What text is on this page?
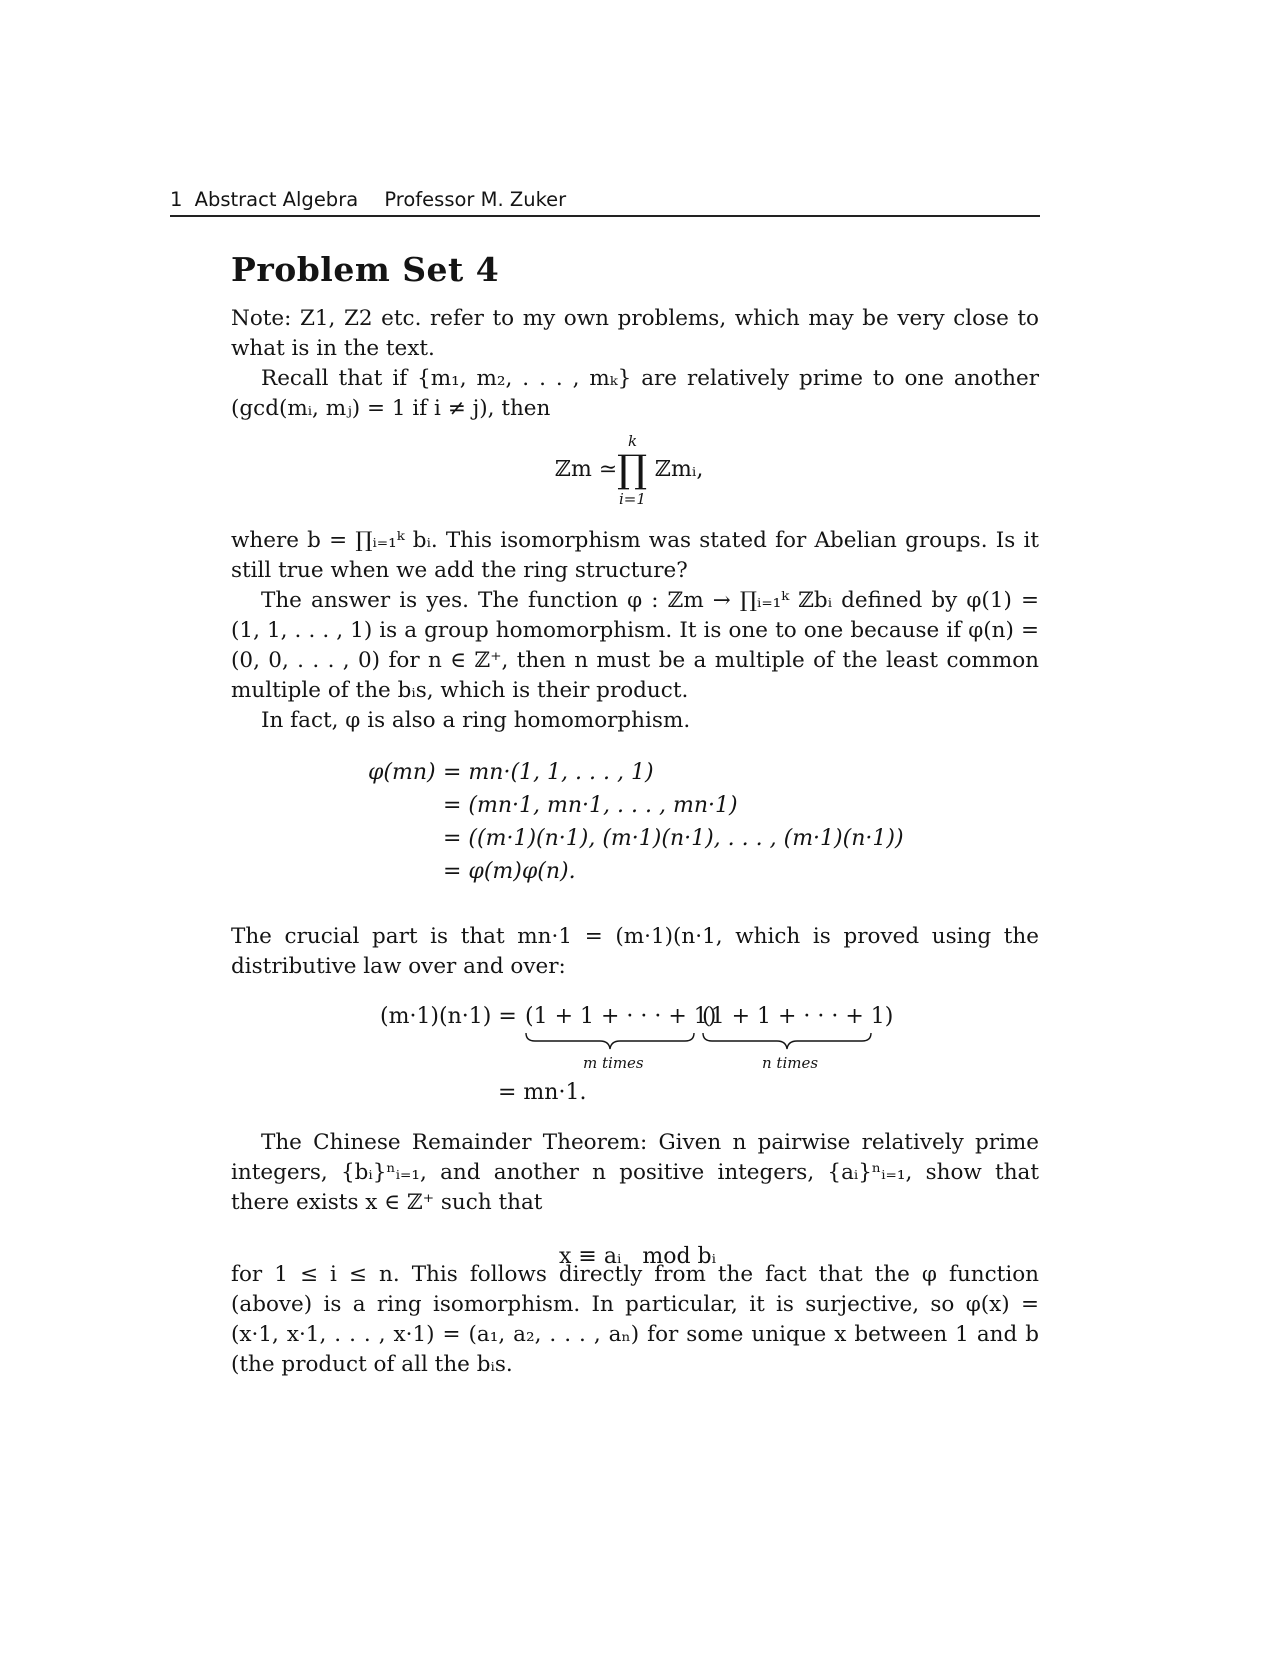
1 Abstract Algebra Professor M. Zuker
Problem Set 4

Note: Z1, Z2 etc. refer to my own problems, which may be very close to what is in the text.

Recall that if {m₁, m₂, . . . , mₖ} are relatively prime to one another (gcd(mᵢ, mⱼ) = 1 if i ≠ j), then

k
ℤm ≃ ∏ ℤmᵢ,
i=1

where b = ∏ᵢ₌₁ᵏ bᵢ. This isomorphism was stated for Abelian groups. Is it still true when we add the ring structure?

The answer is yes. The function φ : ℤm → ∏ᵢ₌₁ᵏ ℤbᵢ defined by φ(1) = (1, 1, . . . , 1) is a group homomorphism. It is one to one because if φ(n) = (0, 0, . . . , 0) for n ∈ ℤ⁺, then n must be a multiple of the least common multiple of the bᵢs, which is their product.

In fact, φ is also a ring homomorphism.

φ(mn) = mn·(1, 1, . . . , 1)
= (mn·1, mn·1, . . . , mn·1)
= ((m·1)(n·1), (m·1)(n·1), . . . , (m·1)(n·1))
= φ(m)φ(n).

The crucial part is that mn·1 = (m·1)(n·1, which is proved using the distributive law over and over:

(m·1)(n·1) = (1 + 1 + · · · + 1)
(1 + 1 + · · · + 1)
m times	n times
= mn·1.

The Chinese Remainder Theorem: Given n pairwise relatively prime integers, {bᵢ}ⁿᵢ₌₁, and another n positive integers, {aᵢ}ⁿᵢ₌₁, show that there exists x ∈ ℤ⁺ such that

x ≡ aᵢ   mod bᵢ

for 1 ≤ i ≤ n. This follows directly from the fact that the φ function (above) is a ring isomorphism. In particular, it is surjective, so φ(x) = (x·1, x·1, . . . , x·1) = (a₁, a₂, . . . , aₙ) for some unique x between 1 and b (the product of all the bᵢs.
